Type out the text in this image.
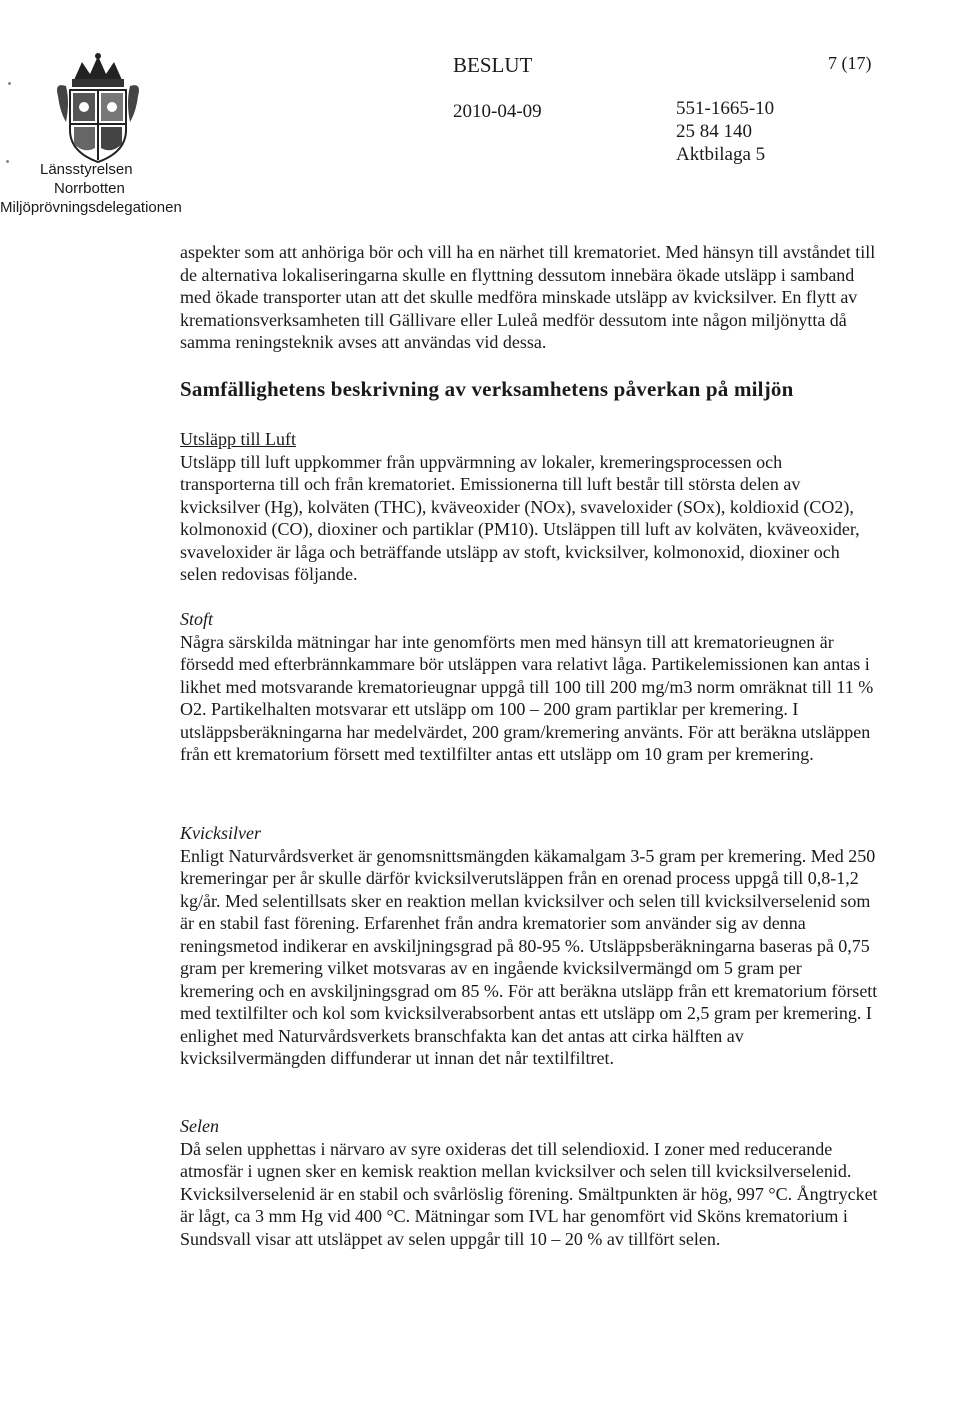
Länsstyrelsen
Norrbotten
Miljöprövningsdelegationen
BESLUT	7 (17)
2010-04-09	551-1665-10
25 84 140
Aktbilaga 5

aspekter som att anhöriga bör och vill ha en närhet till krematoriet. Med hänsyn till avståndet till de alternativa lokaliseringarna skulle en flyttning dessutom innebära ökade utsläpp i samband med ökade transporter utan att det skulle medföra minskade utsläpp av kvicksilver. En flytt av kremationsverksamheten till Gällivare eller Luleå medför dessutom inte någon miljönytta då samma reningsteknik avses att användas vid dessa.

Samfällighetens beskrivning av verksamhetens påverkan på miljön
Utsläpp till Luft
Utsläpp till luft uppkommer från uppvärmning av lokaler, kremeringsprocessen och transporterna till och från krematoriet. Emissionerna till luft består till största delen av kvicksilver (Hg), kolväten (THC), kväveoxider (NOx), svaveloxider (SOx), koldioxid (CO2), kolmonoxid (CO), dioxiner och partiklar (PM10). Utsläppen till luft av kolväten, kväveoxider, svaveloxider är låga och beträffande utsläpp av stoft, kvicksilver, kolmonoxid, dioxiner och selen redovisas följande.
Stoft
Några särskilda mätningar har inte genomförts men med hänsyn till att krematorieugnen är försedd med efterbrännkammare bör utsläppen vara relativt låga. Partikelemissionen kan antas i likhet med motsvarande krematorieugnar uppgå till 100 till 200 mg/m3 norm omräknat till 11 % O2. Partikelhalten motsvarar ett utsläpp om 100 – 200 gram partiklar per kremering. I utsläppsberäkningarna har medelvärdet, 200 gram/kremering använts. För att beräkna utsläppen från ett krematorium försett med textilfilter antas ett utsläpp om 10 gram per kremering.
Kvicksilver
Enligt Naturvårdsverket är genomsnittsmängden käkamalgam 3-5 gram per kremering. Med 250 kremeringar per år skulle därför kvicksilverutsläppen från en orenad process uppgå till 0,8-1,2 kg/år. Med selentillsats sker en reaktion mellan kvicksilver och selen till kvicksilverselenid som är en stabil fast förening. Erfarenhet från andra krematorier som använder sig av denna reningsmetod indikerar en avskiljningsgrad på 80-95 %. Utsläppsberäkningarna baseras på 0,75 gram per kremering vilket motsvaras av en ingående kvicksilvermängd om 5 gram per kremering och en avskiljningsgrad om 85 %. För att beräkna utsläpp från ett krematorium försett med textilfilter och kol som kvicksilverabsorbent antas ett utsläpp om 2,5 gram per kremering. I enlighet med Naturvårdsverkets branschfakta kan det antas att cirka hälften av kvicksilvermängden diffunderar ut innan det når textilfiltret.
Selen
Då selen upphettas i närvaro av syre oxideras det till selendioxid. I zoner med reducerande atmosfär i ugnen sker en kemisk reaktion mellan kvicksilver och selen till kvicksilverselenid. Kvicksilverselenid är en stabil och svårlöslig förening. Smältpunkten är hög, 997 °C. Ångtrycket är lågt, ca 3 mm Hg vid 400 °C. Mätningar som IVL har genomfört vid Sköns krematorium i Sundsvall visar att utsläppet av selen uppgår till 10 – 20 % av tillfört selen.
